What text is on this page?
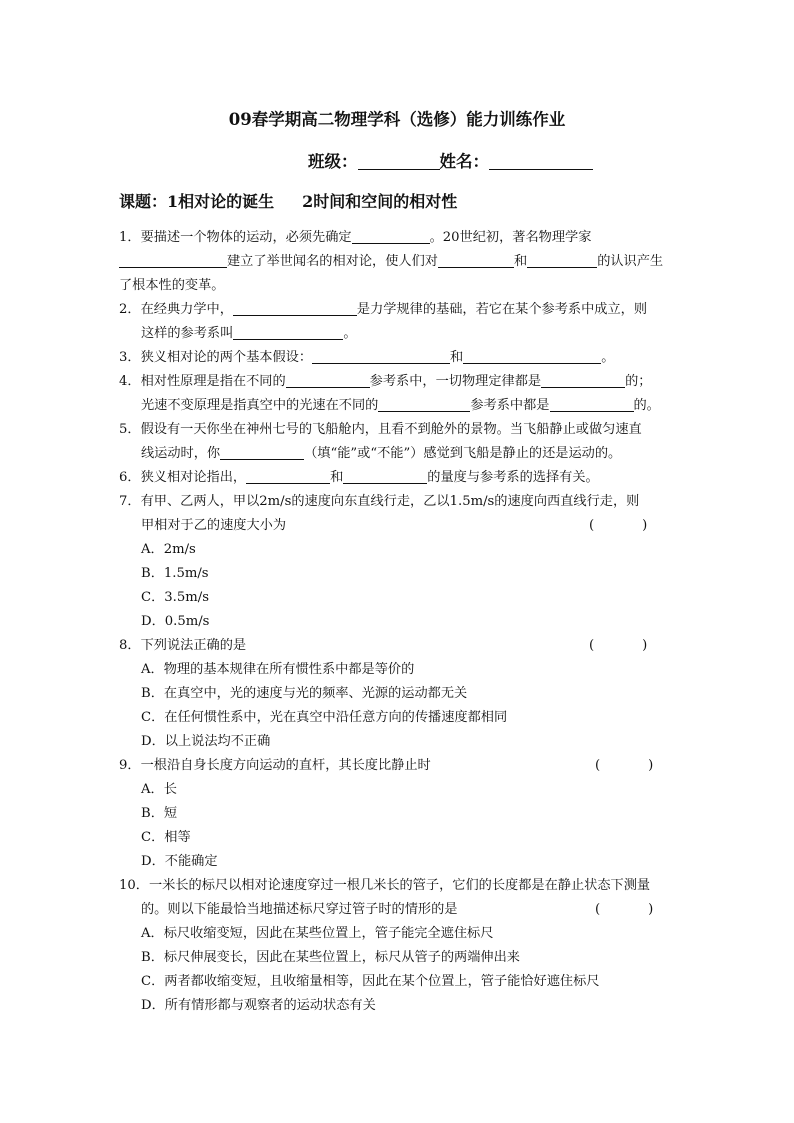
09春学期高二物理学科（选修）能力训练作业
班级：	姓名：
课题：1相对论的诞生 2时间和空间的相对性
1．要描述一个物体的运动，必须先确定	。20世纪初，著名物理学家
建立了举世闻名的相对论，使人们对	和	的认识产生
了根本性的变革。
2．在经典力学中，	是力学规律的基础，若它在某个参考系中成立，则
这样的参考系叫	。
3．狭义相对论的两个基本假设：	和	。
4．相对性原理是指在不同的	参考系中，一切物理定律都是	的；
光速不变原理是指真空中的光速在不同的	参考系中都是	的。
5．假设有一天你坐在神州七号的飞船舱内，且看不到舱外的景物。当飞船静止或做匀速直
线运动时，你	（填“能”或“不能”）感觉到飞船是静止的还是运动的。
6．狭义相对论指出，	和	的量度与参考系的选择有关。
7．有甲、乙两人，甲以2m/s的速度向东直线行走，乙以1.5m/s的速度向西直线行走，则
甲相对于乙的速度大小为	(	)
A．2m/s
B．1.5m/s
C．3.5m/s
D．0.5m/s
8．下列说法正确的是	(	)
A．物理的基本规律在所有惯性系中都是等价的
B．在真空中，光的速度与光的频率、光源的运动都无关
C．在任何惯性系中，光在真空中沿任意方向的传播速度都相同
D．以上说法均不正确
9．一根沿自身长度方向运动的直杆，其长度比静止时	(	)
A．长
B．短
C．相等
D．不能确定
10．一米长的标尺以相对论速度穿过一根几米长的管子，它们的长度都是在静止状态下测量
的。则以下能最恰当地描述标尺穿过管子时的情形的是	(	)
A．标尺收缩变短，因此在某些位置上，管子能完全遮住标尺
B．标尺伸展变长，因此在某些位置上，标尺从管子的两端伸出来
C．两者都收缩变短，且收缩量相等，因此在某个位置上，管子能恰好遮住标尺
D．所有情形都与观察者的运动状态有关
